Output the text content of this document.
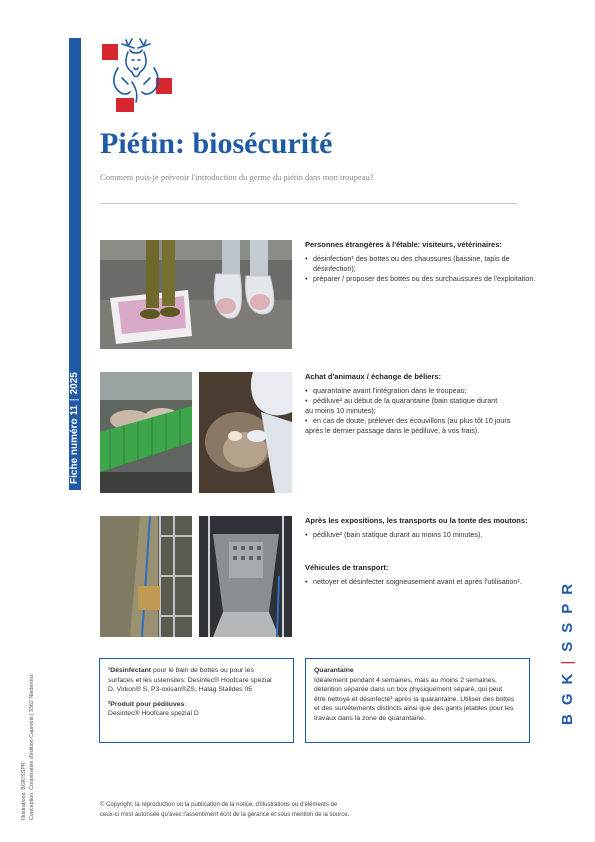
Fiche numéro 11|2025
Piétin: biosécurité
Comment puis-je prévenir l'introduction du germe du piétin dans mon troupeau?
Personnes étrangères à l'étable: visiteurs, vétérinaires:
• désinfection¹ des bottes ou des chaussures (bassine, tapis de désinfection);
• préparer / proposer des bottes ou des surchaussures de l'exploitation.
Achat d'animaux / échange de béliers:
• quarantaine avant l'intégration dans le troupeau;
• pédiluve² au début de la quarantaine (bain statique durant
au moins 10 minutes);
• en cas de doute, prélever des écouvillons (au plus tôt 10 jours
après le dernier passage dans le pédiluve, à vos frais).
Après les expositions, les transports ou la tonte des moutons:
• pédiluve² (bain statique durant au moins 10 minutes).
Véhicules de transport:
• nettoyer et désinfecter soigneusement avant et après l'utilisation¹.

¹Désinfectant pour le bain de bottes ou pour les
surfaces et les ustensiles: Desintec® Hoofcare spezial
D, Virkon® S, P3-oxisan®ZS, Halag Stalldes 05

²Produit pour pédiluves:
Desintec® Hoofcare spezial D

Quarantaine
Idéalement pendant 4 semaines, mais au moins 2 semaines,
détention séparée dans un box physiquement séparé, qui peut
être nettoyé et désinfecté¹ après la quarantaine. Utiliser des bottes
et des survêtements distincts ainsi que des gants jetables pour les
travaux dans la zone de quarantaine.
Illustrations: BGK/SSPR Conception: Coopérative d'édition Caprovis | 3362 Niederönz	BGK|SSPR
© Copyright: la reproduction ou la publication de la notice, d'illustrations ou d'éléments de
ceux-ci n'est autorisée qu'avec l'assentiment écrit de la gérance et sous mention de la source.
